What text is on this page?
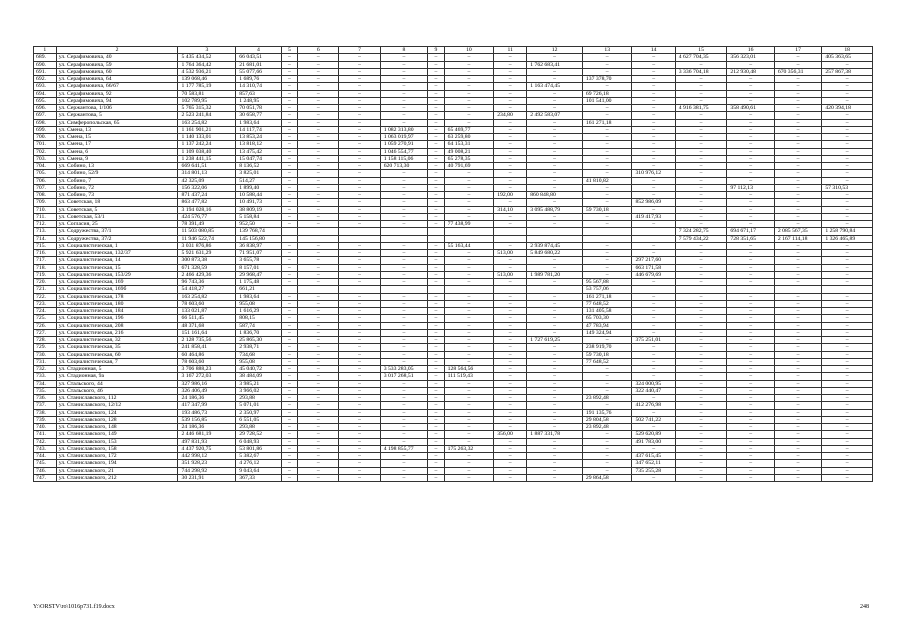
1	2	3	4	5	6	7	8	9	10	11	12	13	14	15	16	17	18
689.	ул. Серафимовича, 40	5 435 434,52	66 043,51	–	–	–	–	–	–	–	–	–	–	4 627 704,35	356 323,01	–	405 363,65
690.	ул. Серафимовича, 59	1 764 364,42	21 681,01	–	–	–	–	–	–	–	1 762 683,41	–	–	–	–	–	–
691.	ул. Серафимовича, 60	4 532 936,21	55 077,66	–	–	–	–	–	–	–	–	–	–	3 336 704,18	212 930,48	670 356,31	257 867,38
692.	ул. Серафимовича, 64	139 068,46	1 689,76	–	–	–	–	–	–	–	–	137 378,70	–	–	–	–	–
693.	ул. Серафимовича, 66/67	1 177 785,19	14 310,74	–	–	–	–	–	–	–	1 163 474,45	–	–	–	–	–	–
694.	ул. Серафимовича, 92	70 583,81	857,63	–	–	–	–	–	–	–	–	69 726,18	–	–	–	–	–
695.	ул. Серафимовича, 94	102 789,95	1 248,95	–	–	–	–	–	–	–	–	101 541,00	–	–	–	–	–
696.	ул. Сержантова, 1/106	5 765 315,32	70 051,78	–	–	–	–	–	–	–	–	–	–	4 916 381,75	358 490,61	–	420 394,18
697.	ул. Сержантова, 5	2 523 241,84	30 658,77	–	–	–	–	–	–	234,80	2 492 583,07	–	–	–	–	–	–
698.	ул. Симферопольская, 65	163 254,82	1 983,64	–	–	–	–	–	–	–	–	161 271,18	–	–	–	–	–
699.	ул. Смена, 13	1 161 901,21	14 117,74	–	–	–	1 082 313,80	–	65 469,77	–	–	–	–	–	–	–	–
700.	ул. Смена, 15	1 140 133,01	13 853,24	–	–	–	1 063 019,97	–	63 259,80	–	–	–	–	–	–	–	–
701.	ул. Смена, 17	1 137 242,24	13 818,12	–	–	–	1 059 270,91	–	64 153,31	–	–	–	–	–	–	–	–
702.	ул. Смена, 6	1 109 038,40	13 475,42	–	–	–	1 046 554,77	–	49 008,21	–	–	–	–	–	–	–	–
703.	ул. Смена, 9	1 238 441,15	15 047,74	–	–	–	1 158 115,06	–	65 278,35	–	–	–	–	–	–	–	–
704.	ул. Собино, 13	669 641,51	8 136,52	–	–	–	620 713,30	–	40 791,69	–	–	–	–	–	–	–	–
705.	ул. Собино, 52/9	314 801,13	3 825,01	–	–	–	–	–	–	–	–	–	310 976,12	–	–	–	–
706.	ул. Собино, 7	42 325,09	514,27	–	–	–	–	–	–	–	–	41 810,82	–	–	–	–	–
707.	ул. Собино, 72	156 322,06	1 899,40	–	–	–	–	–	–	–	–	–	–	–	97 112,13	–	57 310,53
708.	ул. Собино, 73	871 437,24	10 588,44	–	–	–	–	–	–	192,00	860 848,80	–	–	–	–	–	–
709.	ул. Советская, 18	863 477,82	10 491,73	–	–	–	–	–	–	–	–	–	852 986,09	–	–	–	–
710.	ул. Советская, 5	3 194 028,16	38 809,19	–	–	–	–	–	–	314,10	3 095 488,79	59 730,18	–	–	–	–	–
711.	ул. Советская, 53/1	424 576,77	5 158,84	–	–	–	–	–	–	–	–	–	419 417,93	–	–	–	–
712.	ул. Согласия, 25	78 391,49	952,50	–	–	–	–	–	77 438,99	–	–	–	–	–	–	–	–
713.	ул. Содружества, 37/1	11 503 080,85	139 768,74											7 324 282,75	694 671,17	2 085 567,35	1 258 790,84
714.	ул. Содружества, 37/2	11 946 522,74	145 156,80											7 579 434,22	728 351,65	2 167 114,18	1 326 465,89
715.	ул. Социалистическая, 1	3 031 876,86	36 838,97	–	–	–	–	–	55 163,44	–	2 939 874,45	–	–	–	–	–	–
716.	ул. Социалистическая, 132/37	5 921 631,29	71 951,07	–	–	–	–	–	–	513,00	5 849 680,22	–	–	–	–	–	–
717.	ул. Социалистическая, 14	300 873,38	3 655,78	–	–	–	–	–	–	–	–	–	297 217,60	–	–	–	–
718.	ул. Социалистическая, 15	671 328,59	8 157,01	–	–	–	–	–	–	–	–	–	663 171,58	–	–	–	–
719.	ул. Социалистическая, 153/29	2 466 429,36	29 968,47	–	–	–	–	–	–	513,00	1 989 781,20	–	446 679,69	–	–	–	–
720.	ул. Социалистическая, 169	96 743,36	1 175,48	–	–	–	–	–	–	–	–	95 567,88	–	–	–	–	–
721.	ул. Социалистическая, 169б	54 418,27	661,21									53 757,06					
722.	ул. Социалистическая, 178	163 254,82	1 983,64	–	–	–	–	–	–	–	–	161 271,18	–	–	–	–	–
723.	ул. Социалистическая, 180	78 603,60	955,08	–	–	–	–	–	–	–	–	77 648,52	–	–	–	–	–
724.	ул. Социалистическая, 184	133 021,87	1 616,29	–	–	–	–	–	–	–	–	131 405,58	–	–	–	–	–
725.	ул. Социалистическая, 196	66 511,45	808,15	–	–	–	–	–	–	–	–	65 703,30	–	–	–	–	–
726.	ул. Социалистическая, 208	48 371,68	587,74	–	–	–	–	–	–	–	–	47 783,94	–	–	–	–	–
727.	ул. Социалистическая, 216	151 161,64	1 836,70	–	–	–	–	–	–	–	–	149 324,94	–	–	–	–	–
728.	ул. Социалистическая, 32	2 128 735,56	25 865,30	–	–	–	–	–	–	–	1 727 619,25	–	375 251,01	–	–	–	–
729.	ул. Социалистическая, 35	241 858,41	2 938,71	–	–	–	–	–	–	–	–	238 919,70	–	–	–	–	–
730.	ул. Социалистическая, 60	60 464,86	734,68	–	–	–	–	–	–	–	–	59 730,18	–	–	–	–	–
731.	ул. Социалистическая, 7	78 603,60	955,08	–	–	–	–	–	–	–	–	77 648,52	–	–	–	–	–
732.	ул. Стадионная, 5	3 706 888,23	45 040,72	–	–	–	3 533 283,05	–	128 564,56	–	–	–	–	–	–	–	–
733.	ул. Стадионная, 9а	3 167 272,03	38 484,09	–	–	–	3 017 268,51	–	111 519,43	–	–	–	–	–	–	–	–
734.	ул. Стальского, 44	327 986,16	3 985,21	–	–	–	–	–	–	–	–	–	324 000,95	–	–	–	–
735.	ул. Стальского, 46	326 406,49	3 966,02	–	–	–	–	–	–	–	–	–	322 440,47	–	–	–	–
736.	ул. Станиславского, 112	24 186,36	293,88	–	–	–	–	–	–	–	–	23 892,48	–	–	–	–	–
737.	ул. Станиславского, 12/12	417 347,99	5 071,01	–	–	–	–	–	–	–	–	–	412 276,98	–	–	–	–
738.	ул. Станиславского, 124	193 486,73	2 350,97	–	–	–	–	–	–	–	–	191 135,76	–	–	–	–	–
739.	ул. Станиславского, 128	539 156,85	6 551,05	–	–	–	–	–	–	–	–	29 804,58	502 741,22	–	–	–	–
740.	ул. Станиславского, 148	24 186,36	293,88	–	–	–	–	–	–	–	–	23 892,48	–	–	–	–	–
741.	ул. Станиславского, 149	2 446 681,19	29 728,52	–	–	–	–	–	–	356,00	1 887 331,78	–	529 620,89	–	–	–	–
742.	ул. Станиславского, 153	497 831,93	6 048,93	–	–	–	–	–	–	–	–	–	491 783,00	–	–	–	–
743.	ул. Станиславского, 158	4 437 920,75	53 801,86	–	–	–	4 198 855,77	–	175 263,32	–	–	–	–	–	–	–	–
744.	ул. Станиславского, 172	442 998,12	5 382,67	–	–	–	–	–	–	–	–	–	437 615,45	–	–	–	–
745.	ул. Станиславского, 194	351 928,23	4 276,12	–	–	–	–	–	–	–	–	–	347 652,11	–	–	–	–
746.	ул. Станиславского, 21	744 298,92	9 043,64	–	–	–	–	–	–	–	–	–	735 255,28	–	–	–	–
747.	ул. Станиславского, 212	30 231,91	367,33	–	–	–	–	–	–	–	–	29 864,58	–	–	–	–	–
Y:\ORSTV\ro\1016p731.f19.docx	248
